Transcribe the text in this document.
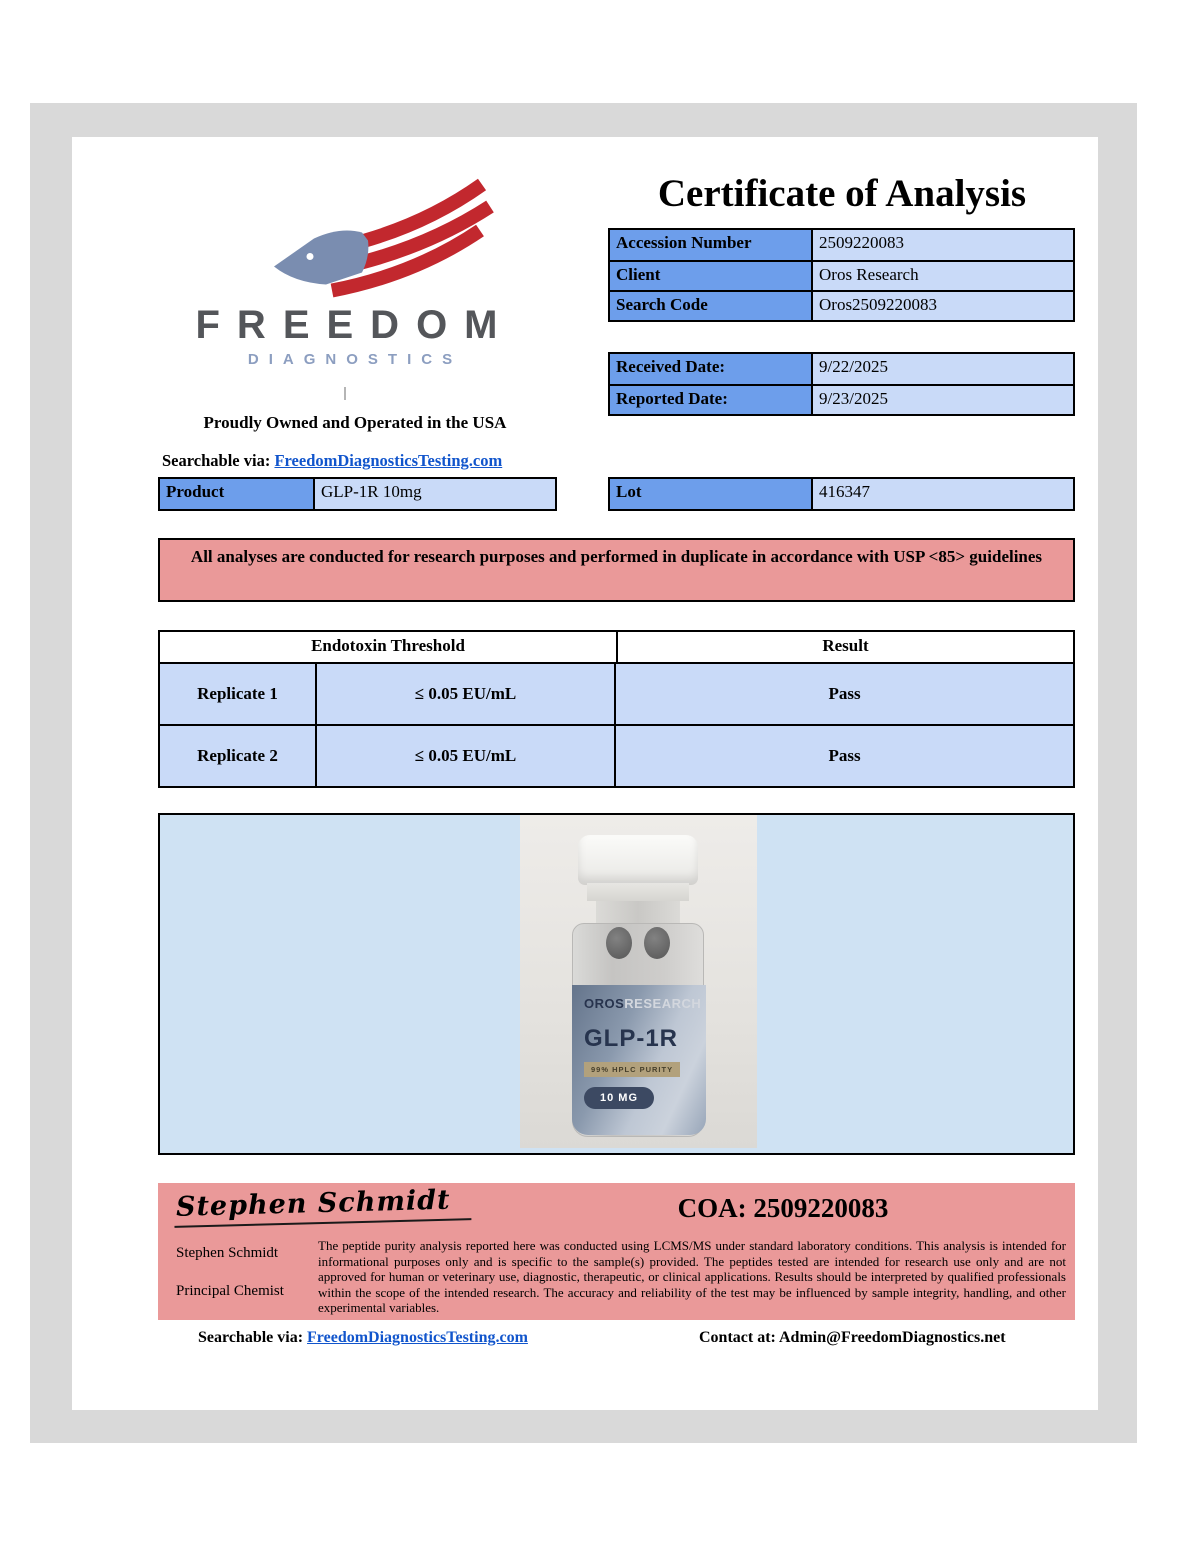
FREEDOM
DIAGNOSTICS
Proudly Owned and Operated in the USA
Searchable via: FreedomDiagnosticsTesting.com
Certificate of Analysis
Accession Number	2509220083
Client	Oros Research
Search Code	Oros2509220083
Received Date:	9/22/2025
Reported Date:	9/23/2025
Product	GLP-1R 10mg	Lot	416347
All analyses are conducted for research purposes and performed in duplicate in accordance with USP <85> guidelines
Endotoxin Threshold	Result
Replicate 1	≤ 0.05 EU/mL	Pass
Replicate 2	≤ 0.05 EU/mL	Pass
OROSRESEARCH
GLP-1R
99% HPLC PURITY
10 MG
Stephen Schmidt	COA: 2509220083
Stephen Schmidt
Principal Chemist
The peptide purity analysis reported here was conducted using LCMS/MS under standard laboratory conditions. This analysis is intended for informational purposes only and is specific to the sample(s) provided. The peptides tested are intended for research use only and are not approved for human or veterinary use, diagnostic, therapeutic, or clinical applications. Results should be interpreted by qualified professionals within the scope of the intended research. The accuracy and reliability of the test may be influenced by sample integrity, handling, and other experimental variables.
Searchable via: FreedomDiagnosticsTesting.com	Contact at: Admin@FreedomDiagnostics.net
